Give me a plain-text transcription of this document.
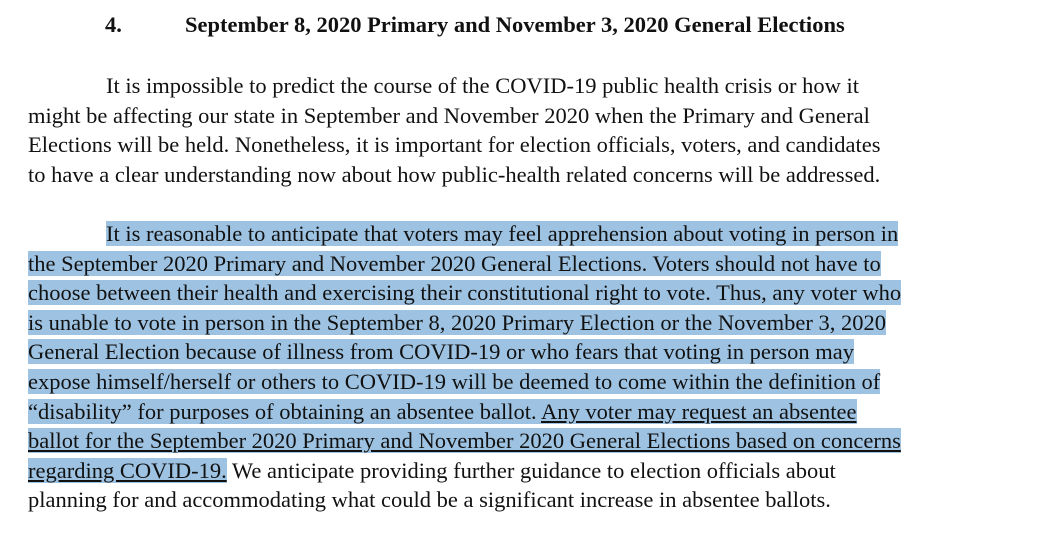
4.	September 8, 2020 Primary and November 3, 2020 General Elections
It is impossible to predict the course of the COVID-19 public health crisis or how it
might be affecting our state in September and November 2020 when the Primary and General
Elections will be held. Nonetheless, it is important for election officials, voters, and candidates
to have a clear understanding now about how public-health related concerns will be addressed.
It is reasonable to anticipate that voters may feel apprehension about voting in person in
the September 2020 Primary and November 2020 General Elections. Voters should not have to
choose between their health and exercising their constitutional right to vote. Thus, any voter who
is unable to vote in person in the September 8, 2020 Primary Election or the November 3, 2020
General Election because of illness from COVID-19 or who fears that voting in person may
expose himself/herself or others to COVID-19 will be deemed to come within the definition of
“disability” for purposes of obtaining an absentee ballot. Any voter may request an absentee
ballot for the September 2020 Primary and November 2020 General Elections based on concerns
regarding COVID-19. We anticipate providing further guidance to election officials about
planning for and accommodating what could be a significant increase in absentee ballots.
